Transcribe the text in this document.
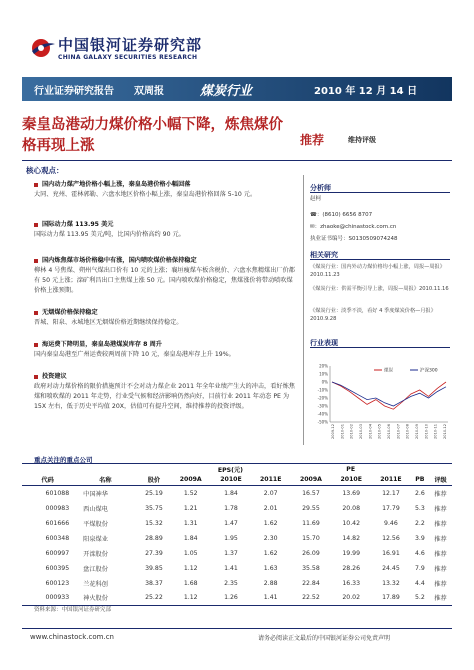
中国银河证券研究部
CHINA GALAXY SECURITIES RESEARCH
行业证券研究报告 双周报	煤炭行业	2010 年 12 月 14 日
秦皇岛港动力煤价格小幅下降，炼焦煤价格再现上涨	推荐	维持评级
核心观点：
国内动力煤产地价格小幅上涨，秦皇岛港价格小幅回落
大同、兖州、霍林郭勒、六盘水地区价格小幅上涨，秦皇岛港价格回落 5-10 元。
国际动力煤 113.95 美元
国际动力煤 113.95 美元/吨，比国内价格高约 90 元。
国内炼焦煤市场价格稳中有涨，国内喷吹煤价格保持稳定
柳林 4 号焦煤、朔州气煤出口价有 10 元的上涨；襄垣瘦煤车板含税价、六盘水焦精煤出厂价都有 50 元上涨；滦矿利昌出口主焦煤上涨 50 元。国内喷吹煤价格稳定，焦煤涨价将带动喷吹煤价格上涨预期。
无烟煤价格保持稳定
晋城、阳泉、永城地区无烟煤价格近期继续保持稳定。
海运费下降明显，秦皇岛港煤炭库存 8 周升
国内秦皇岛港至广州运费较两周前下降 10 元，秦皇岛港库存上升 19%。
投资建议
政府对动力煤价格的限价措施预计不会对动力煤企业 2011 年全年业绩产生大的冲击，看好炼焦煤和喷吹煤的 2011 年走势，行业受气候和经济影响仍然向好，目前行业 2011 年动态 PE 为 15X 左右，低于历史平均值 20X，估值可有提升空间，维持推荐的投资评级。
分析师
赵柯
☎：(8610) 6656 8707
✉：zhaoke@chinastock.com.cn
执业证书编号：S0130509074248
相关研究
《煤炭行业：国内外动力煤价格均小幅上涨，周报—周报》2010.11.23
《煤炭行业：供需平衡引导上涨，周报—周报》2010.11.16
《煤炭行业：淡季不淡，看好 4 季度煤炭价格—月报》2010.9.28
行业表现
20%
10%
0%
-10%
-20%
-30%
-40%
-50%
2009-12 2010-01 2010-02 2010-03 2010-04 2010-05 2010-06 2010-07 2010-08 2010-09 2010-10 2010-11 2010-12
煤炭	沪深300
重点关注的重点公司
			EPS(元)			PE				
代码	名称	股价	2009A	2010E	2011E	2009A	2010E	2011E	PB	评级
601088	中国神华	25.19	1.52	1.84	2.07	16.57	13.69	12.17	2.6	推荐
000983	西山煤电	35.75	1.21	1.78	2.01	29.55	20.08	17.79	5.3	推荐
601666	平煤股份	15.32	1.31	1.47	1.62	11.69	10.42	9.46	2.2	推荐
600348	阳泉煤业	28.89	1.84	1.95	2.30	15.70	14.82	12.56	3.9	推荐
600997	开滦股份	27.39	1.05	1.37	1.62	26.09	19.99	16.91	4.6	推荐
600395	盘江股份	39.85	1.12	1.41	1.63	35.58	28.26	24.45	7.9	推荐
600123	兰花科创	38.37	1.68	2.35	2.88	22.84	16.33	13.32	4.4	推荐
000933	神火股份	25.22	1.12	1.26	1.41	22.52	20.02	17.89	5.2	推荐
资料来源：中国银河证券研究部
www.chinastock.com.cn	请务必阅读正文最后的中国银河证券公司免责声明
